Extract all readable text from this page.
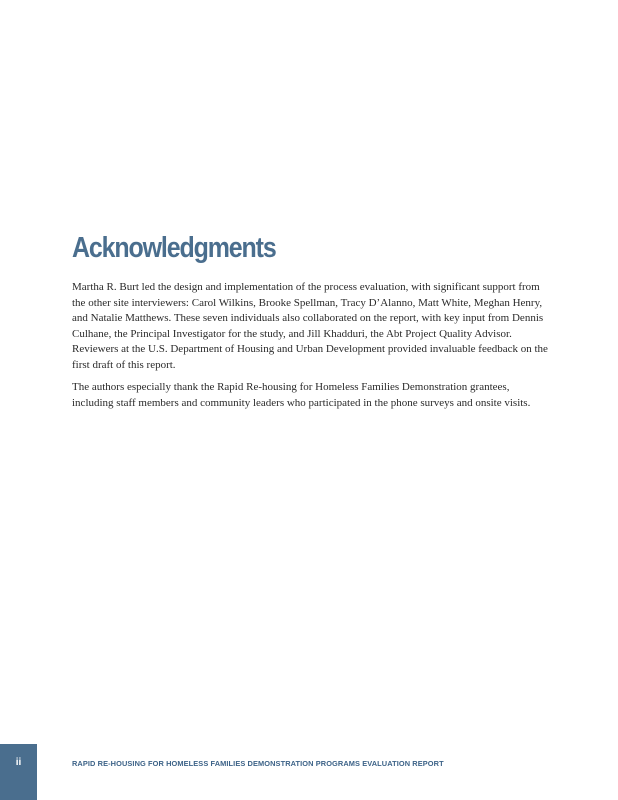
Acknowledgments

Martha R. Burt led the design and implementation of the process evaluation, with significant support from the other site interviewers: Carol Wilkins, Brooke Spellman, Tracy D’Alanno, Matt White, Meghan Henry, and Natalie Matthews. These seven individuals also collaborated on the report, with key input from Dennis Culhane, the Principal Investigator for the study, and Jill Khadduri, the Abt Project Quality Advisor. Reviewers at the U.S. Department of Housing and Urban Development provided invaluable feedback on the first draft of this report.

The authors especially thank the Rapid Re-housing for Homeless Families Demonstration grantees, including staff members and community leaders who participated in the phone surveys and onsite visits.

ii	RAPID RE-HOUSING FOR HOMELESS FAMILIES DEMONSTRATION PROGRAMS EVALUATION REPORT
